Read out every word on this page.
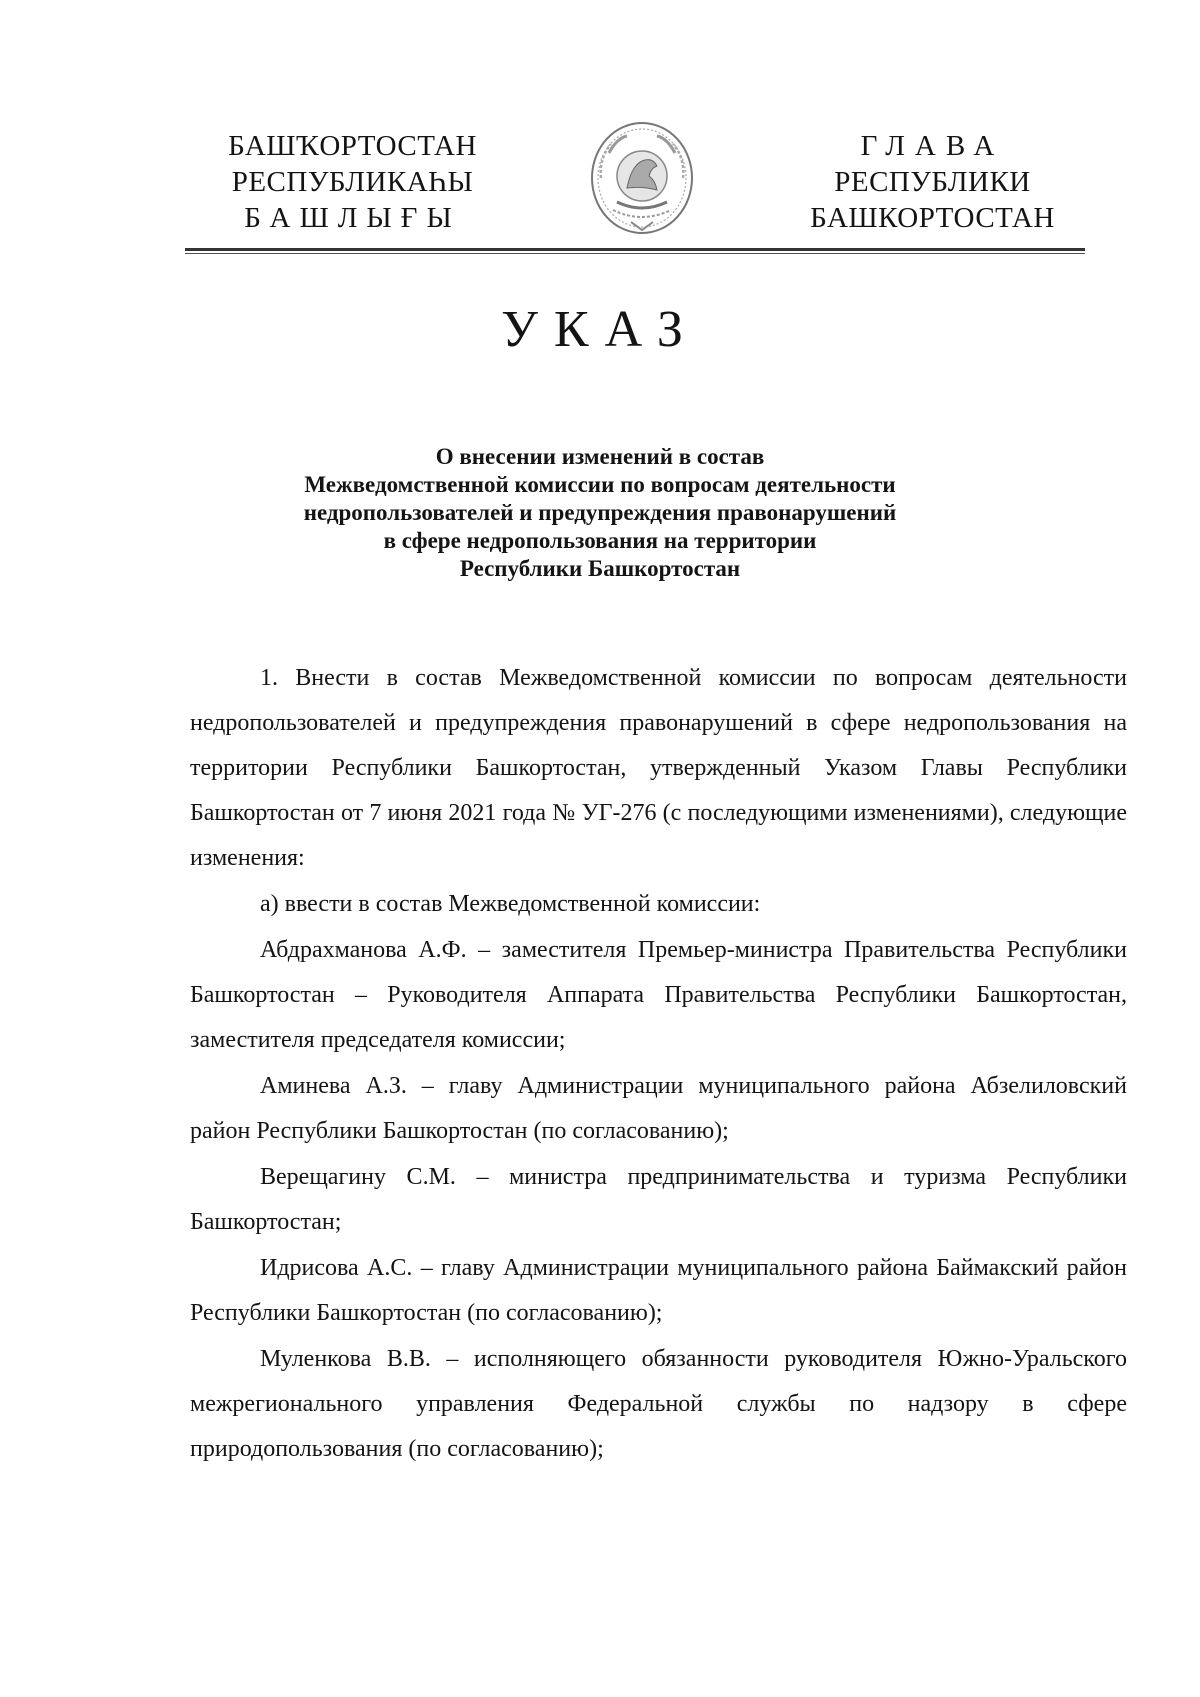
БАШҠОРТОСТАН
РЕСПУБЛИКАҺЫ
БАШЛЫҒЫ
ГЛАВА
РЕСПУБЛИКИ
БАШКОРТОСТАН
УКАЗ
О внесении изменений в состав
Межведомственной комиссии по вопросам деятельности
недропользователей и предупреждения правонарушений
в сфере недропользования на территории
Республики Башкортостан

1. Внести в состав Межведомственной комиссии по вопросам деятельности недропользователей и предупреждения правонарушений в сфере недропользования на территории Республики Башкортостан, утвержденный Указом Главы Республики Башкортостан от 7 июня 2021 года № УГ-276 (с последующими изменениями), следующие изменения:

а) ввести в состав Межведомственной комиссии:

Абдрахманова А.Ф. – заместителя Премьер-министра Правительства Республики Башкортостан – Руководителя Аппарата Правительства Республики Башкортостан, заместителя председателя комиссии;

Аминева А.З. – главу Администрации муниципального района Абзелиловский район Республики Башкортостан (по согласованию);

Верещагину С.М. – министра предпринимательства и туризма Республики Башкортостан;

Идрисова А.С. – главу Администрации муниципального района Баймакский район Республики Башкортостан (по согласованию);

Муленкова В.В. – исполняющего обязанности руководителя Южно-Уральского межрегионального управления Федеральной службы по надзору в сфере природопользования (по согласованию);
